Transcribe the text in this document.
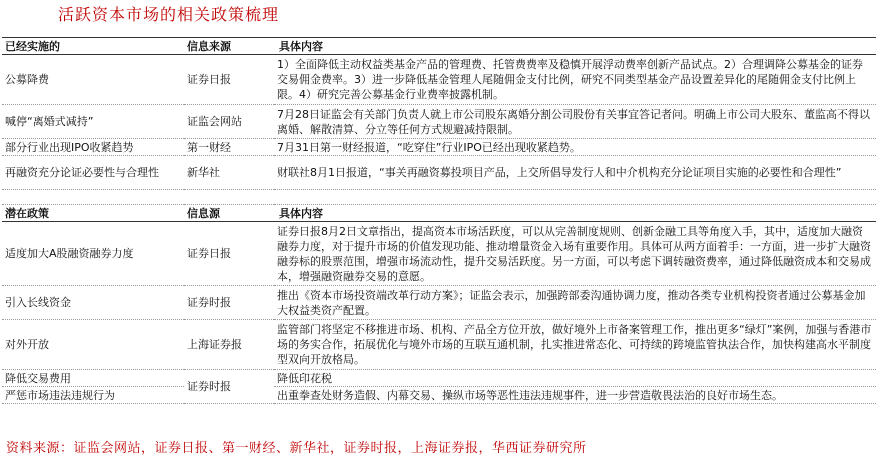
活跃资本市场的相关政策梳理
已经实施的	信息来源	具体内容
公募降费	证券日报	1）全面降低主动权益类基金产品的管理费、托管费费率及稳慎开展浮动费率创新产品试点。2）合理调降公募基金的证券交易佣金费率。3）进一步降低基金管理人尾随佣金支付比例，研究不同类型基金产品设置差异化的尾随佣金支付比例上限。4）研究完善公募基金行业费率披露机制。
喊停“离婚式减持”	证监会网站	7月28日证监会有关部门负责人就上市公司股东离婚分割公司股份有关事宜答记者问。明确上市公司大股东、董监高不得以离婚、解散清算、分立等任何方式规避减持限制。
部分行业出现IPO收紧趋势	第一财经	7月31日第一财经报道，“吃穿住”行业IPO已经出现收紧趋势。
再融资充分论证必要性与合理性	新华社	财联社8月1日报道，“事关再融资募投项目产品，上交所倡导发行人和中介机构充分论证项目实施的必要性和合理性”

潜在政策	信息源	具体内容
适度加大A股融资融券力度	证券日报	证券日报8月2日文章指出，提高资本市场活跃度，可以从完善制度规则、创新金融工具等角度入手，其中，适度加大融资融券力度，对于提升市场的价值发现功能、推动增量资金入场有重要作用。具体可从两方面着手：一方面，进一步扩大融资融券标的股票范围，增强市场流动性，提升交易活跃度。另一方面，可以考虑下调转融资费率，通过降低融资成本和交易成本，增强融资融券交易的意愿。
引入长线资金	证券时报	推出《资本市场投资端改革行动方案》；证监会表示，加强跨部委沟通协调力度，推动各类专业机构投资者通过公募基金加大权益类资产配置。
对外开放	上海证券报	监管部门将坚定不移推进市场、机构、产品全方位开放，做好境外上市备案管理工作，推出更多“绿灯”案例，加强与香港市场的务实合作，拓展优化与境外市场的互联互通机制，扎实推进常态化、可持续的跨境监管执法合作，加快构建高水平制度型双向开放格局。
降低交易费用	证券时报	降低印花税
严惩市场违法违规行为		出重拳查处财务造假、内幕交易、操纵市场等恶性违法违规事件，进一步营造敬畏法治的良好市场生态。
资料来源：证监会网站，证券日报、第一财经、新华社，证券时报，上海证券报，华西证券研究所
